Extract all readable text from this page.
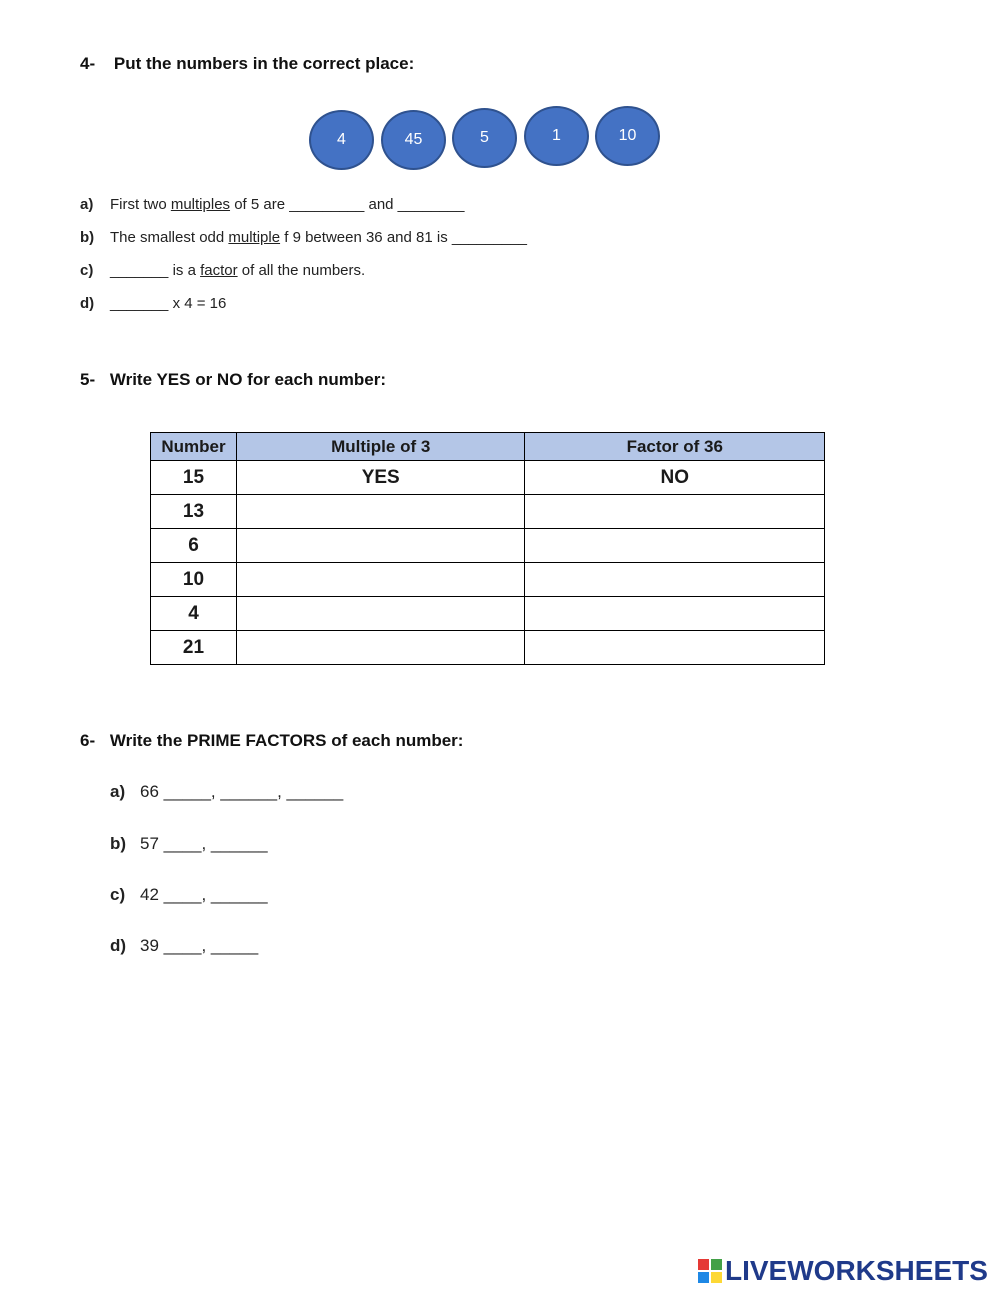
4- Put the numbers in the correct place:
4	45	5	1	10
a) First two multiples of 5 are _________ and ________
b) The smallest odd multiple f 9 between 36 and 81 is _________
c) _______ is a factor of all the numbers.
d) _______ x 4 = 16
5- Write YES or NO for each number:
Number	Multiple of 3	Factor of 36
15	YES	NO
13		
6		
10		
4		
21		
6- Write the PRIME FACTORS of each number:
a) 66 _____, ______, ______
b) 57 ____, ______
c) 42 ____, ______
d) 39 ____, _____
LIVEWORKSHEETS
